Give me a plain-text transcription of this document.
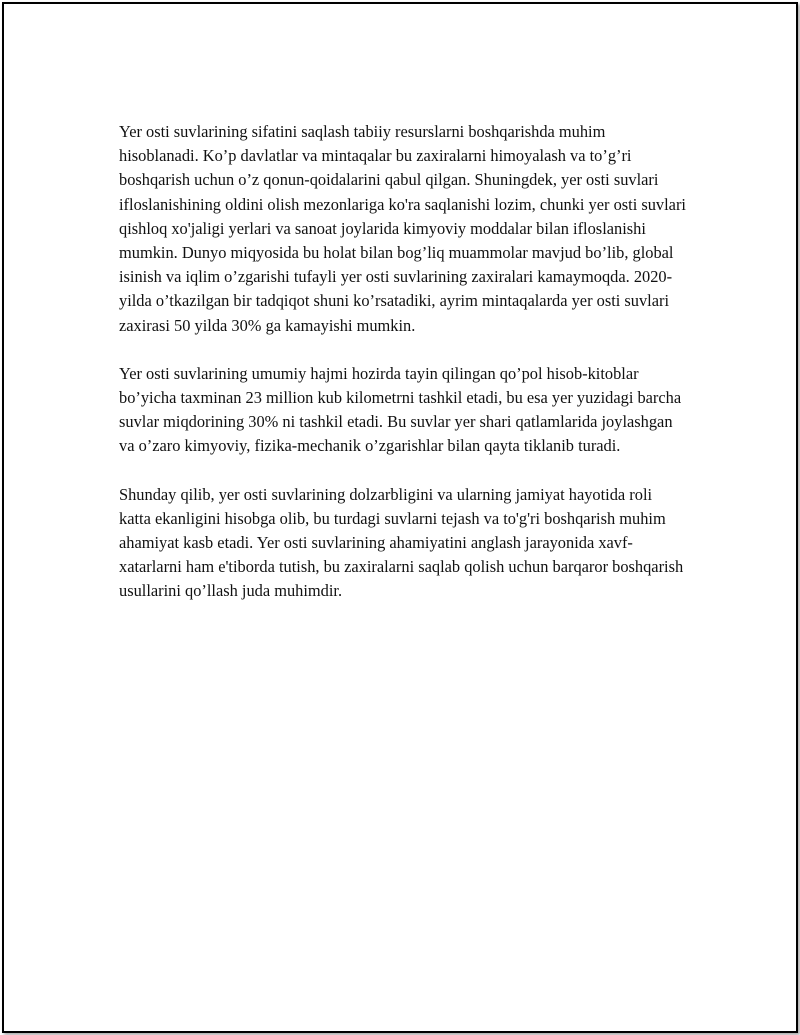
Yer osti suvlarining sifatini saqlash tabiiy resurslarni boshqarishda muhim hisoblanadi. Ko’p davlatlar va mintaqalar bu zaxiralarni himoyalash va to’g’ri boshqarish uchun o’z qonun-qoidalarini qabul qilgan. Shuningdek, yer osti suvlari ifloslanishining oldini olish mezonlariga ko'ra saqlanishi lozim, chunki yer osti suvlari qishloq xo'jaligi yerlari va sanoat joylarida kimyoviy moddalar bilan ifloslanishi mumkin. Dunyo miqyosida bu holat bilan bog’liq muammolar mavjud bo’lib, global isinish va iqlim o’zgarishi tufayli yer osti suvlarining zaxiralari kamaymoqda. 2020-yilda o’tkazilgan bir tadqiqot shuni ko’rsatadiki, ayrim mintaqalarda yer osti suvlari zaxirasi 50 yilda 30% ga kamayishi mumkin.

Yer osti suvlarining umumiy hajmi hozirda tayin qilingan qo’pol hisob-kitoblar bo’yicha taxminan 23 million kub kilometrni tashkil etadi, bu esa yer yuzidagi barcha suvlar miqdorining 30% ni tashkil etadi. Bu suvlar yer shari qatlamlarida joylashgan va o’zaro kimyoviy, fizika-mechanik o’zgarishlar bilan qayta tiklanib turadi.

Shunday qilib, yer osti suvlarining dolzarbligini va ularning jamiyat hayotida roli katta ekanligini hisobga olib, bu turdagi suvlarni tejash va to'g'ri boshqarish muhim ahamiyat kasb etadi. Yer osti suvlarining ahamiyatini anglash jarayonida xavf-xatarlarni ham e'tiborda tutish, bu zaxiralarni saqlab qolish uchun barqaror boshqarish usullarini qo’llash juda muhimdir.
